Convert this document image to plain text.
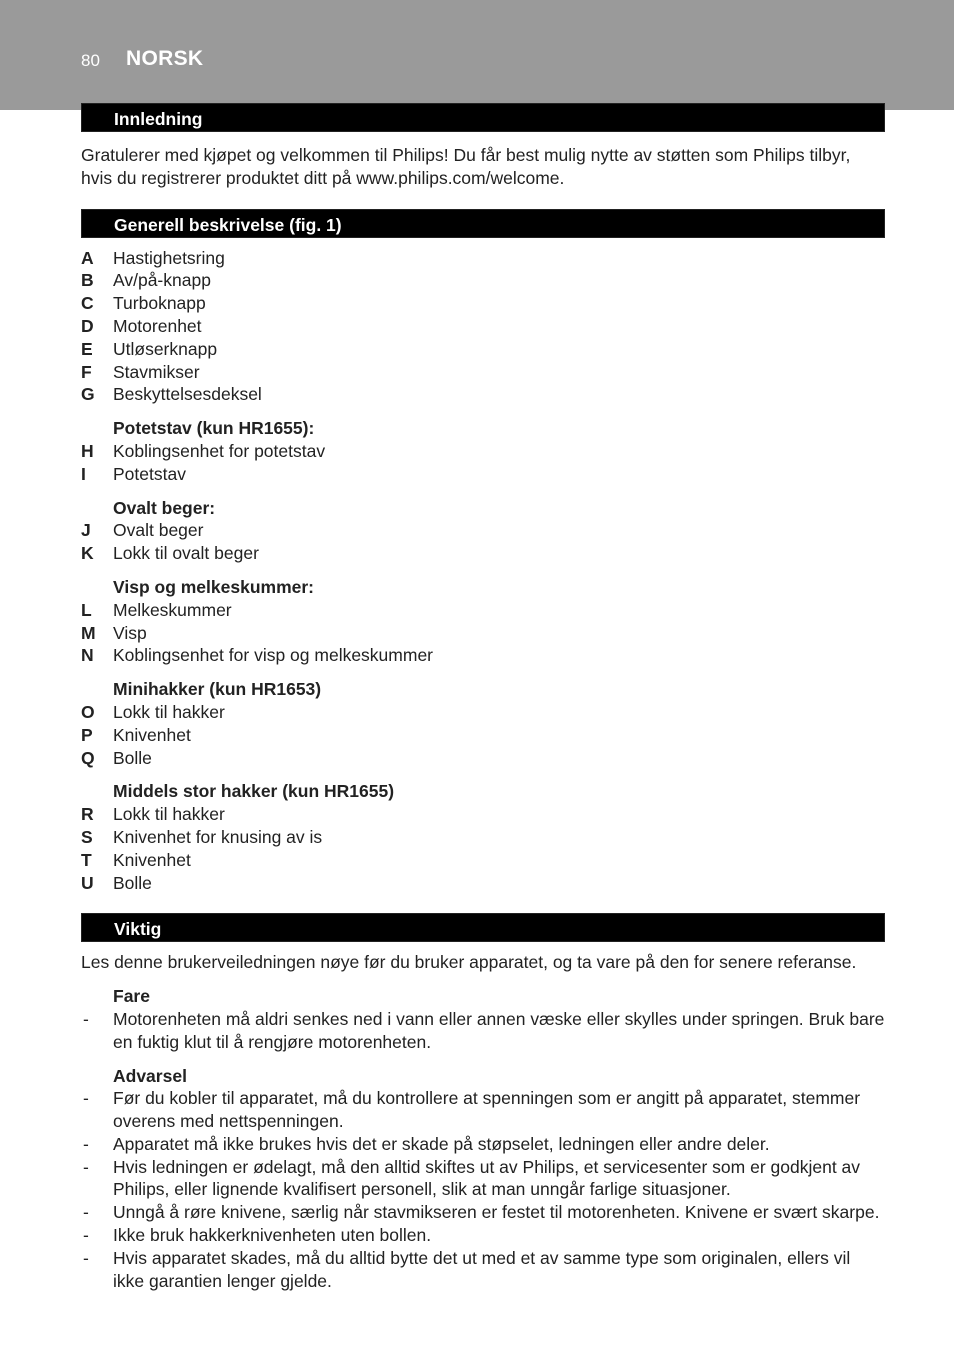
80 NORSK
Innledning

Gratulerer med kjøpet og velkommen til Philips! Du får best mulig nytte av støtten som Philips tilbyr, hvis du registrerer produktet ditt på www.philips.com/welcome.

Generell beskrivelse (fig. 1)
A	Hastighetsring
B	Av/på-knapp
C	Turboknapp
D	Motorenhet
E	Utløserknapp
F	Stavmikser
G	Beskyttelsesdeksel
Potetstav (kun HR1655):
H	Koblingsenhet for potetstav
I	Potetstav
Ovalt beger:
J	Ovalt beger
K	Lokk til ovalt beger
Visp og melkeskummer:
L	Melkeskummer
M Visp
N	Koblingsenhet for visp og melkeskummer
Minihakker (kun HR1653)
O	Lokk til hakker
P	Knivenhet
Q	Bolle
Middels stor hakker (kun HR1655)
R	Lokk til hakker
S	Knivenhet for knusing av is
T	Knivenhet
U	Bolle
Viktig

Les denne brukerveiledningen nøye før du bruker apparatet, og ta vare på den for senere referanse.

Fare
-	Motorenheten må aldri senkes ned i vann eller annen væske eller skylles under springen. Bruk bare en fuktig klut til å rengjøre motorenheten.
Advarsel
-	Før du kobler til apparatet, må du kontrollere at spenningen som er angitt på apparatet, stemmer overens med nettspenningen.
-	Apparatet må ikke brukes hvis det er skade på støpselet, ledningen eller andre deler.
-	Hvis ledningen er ødelagt, må den alltid skiftes ut av Philips, et servicesenter som er godkjent av Philips, eller lignende kvalifisert personell, slik at man unngår farlige situasjoner.
-	Unngå å røre knivene, særlig når stavmikseren er festet til motorenheten. Knivene er svært skarpe.
-	Ikke bruk hakkerknivenheten uten bollen.
-	Hvis apparatet skades, må du alltid bytte det ut med et av samme type som originalen, ellers vil ikke garantien lenger gjelde.
